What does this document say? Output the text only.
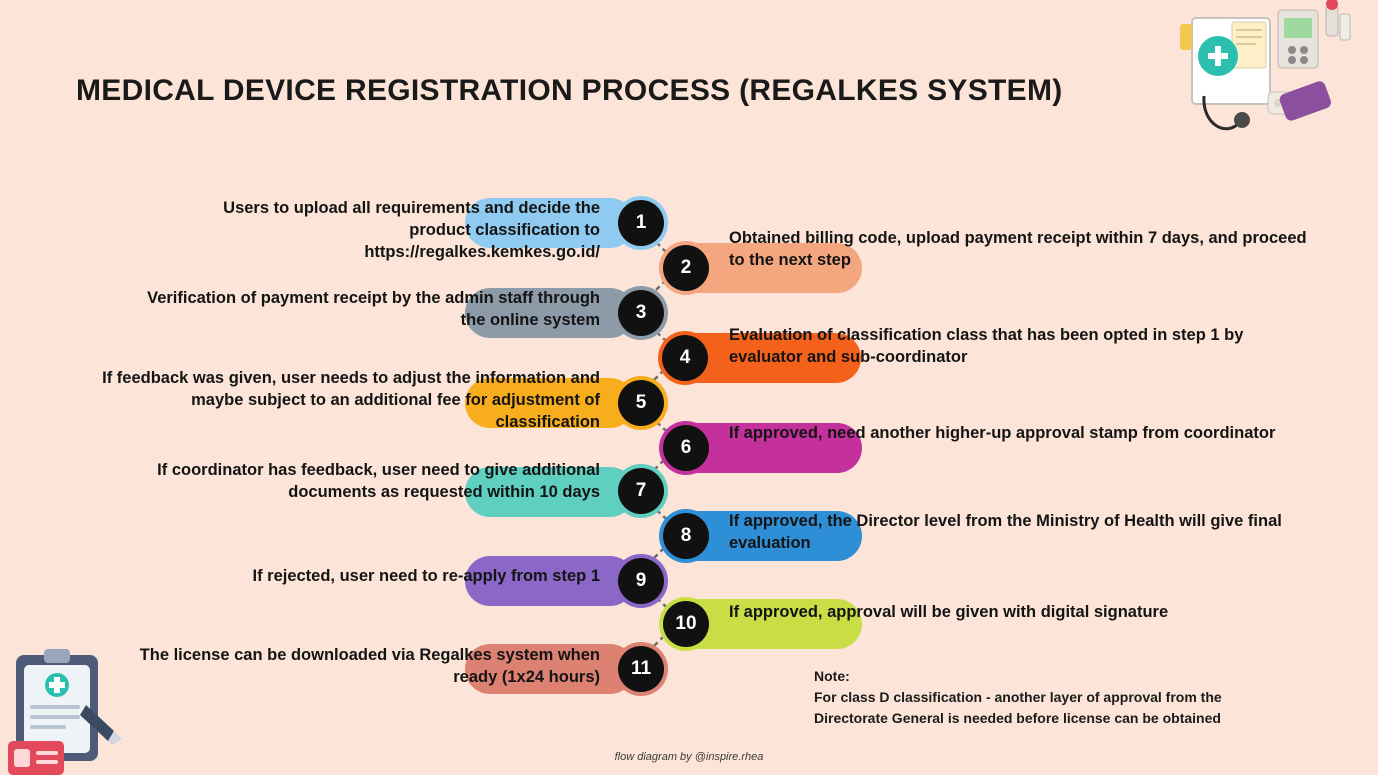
MEDICAL DEVICE REGISTRATION PROCESS (REGALKES SYSTEM)
Users to upload all requirements and decide the product classification to https://regalkes.kemkes.go.id/
1
Obtained billing code, upload payment receipt within 7 days, and proceed to the next step
2
Verification of payment receipt by the admin staff through the online system	3
Evaluation of classification class that has been opted in step 1 by evaluator and sub-coordinator
4
If feedback was given, user needs to adjust the information and maybe subject to an additional fee for adjustment of classification
5
If approved, need another higher-up approval stamp from coordinator
6
If coordinator has feedback, user need to give additional documents as requested within 10 days	7
If approved, the Director level from the Ministry of Health will give final evaluation
8
If rejected, user need to re-apply from step 1	9
If approved, approval will be given with digital signature
10
The license can be downloaded via Regalkes system when ready (1x24 hours)	11	Note:
For class D classification - another layer of approval from the
Directorate General is needed before license can be obtained
flow diagram by @inspire.rhea
